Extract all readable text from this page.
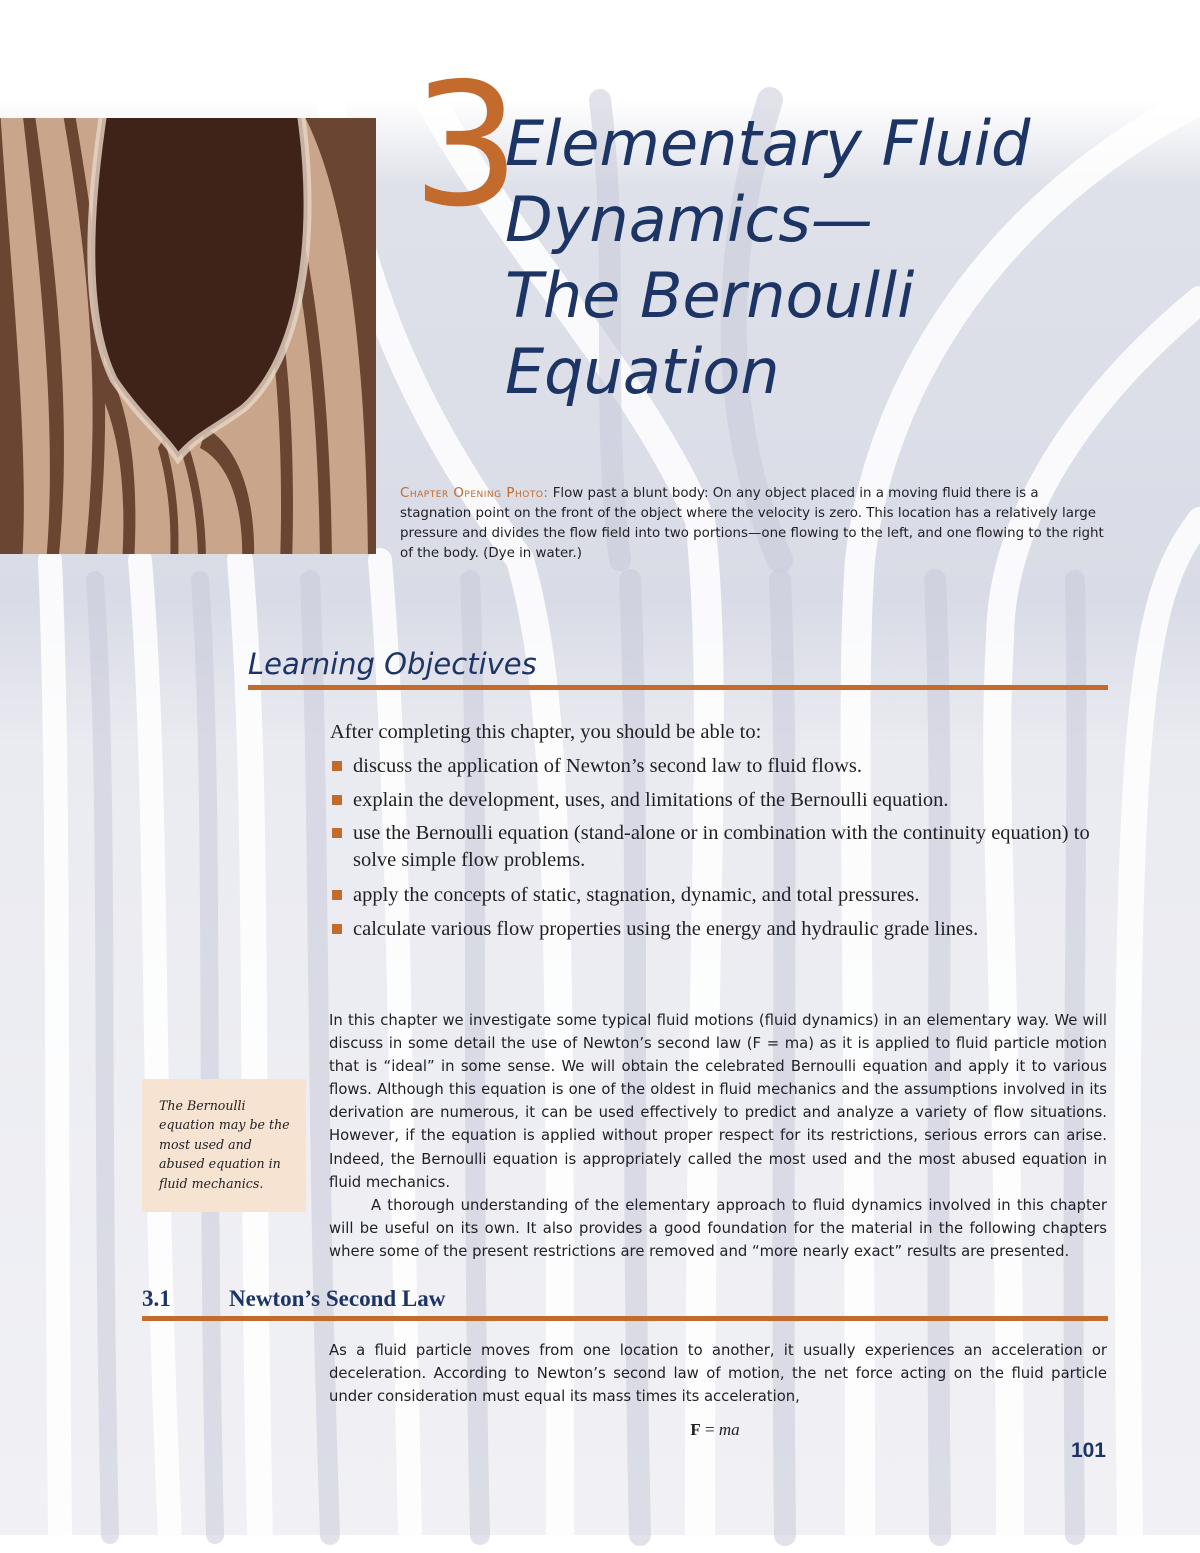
3
Elementary Fluid
Dynamics—
The Bernoulli
Equation
Chapter Opening Photo: Flow past a blunt body: On any object placed in a moving fluid there is a stagnation point on the front of the object where the velocity is zero. This location has a relatively large pressure and divides the flow field into two portions—one flowing to the left, and one flowing to the right of the body. (Dye in water.)
Learning Objectives
After completing this chapter, you should be able to:
discuss the application of Newton’s second law to fluid flows.
explain the development, uses, and limitations of the Bernoulli equation.
use the Bernoulli equation (stand-alone or in combination with the continuity equation) to solve simple flow problems.
apply the concepts of static, stagnation, dynamic, and total pressures.
calculate various flow properties using the energy and hydraulic grade lines.

In this chapter we investigate some typical fluid motions (fluid dynamics) in an elementary way. We will discuss in some detail the use of Newton’s second law (F = ma) as it is applied to fluid particle motion that is “ideal” in some sense. We will obtain the celebrated Bernoulli equation and apply it to various flows. Although this equation is one of the oldest in fluid mechanics and the assumptions involved in its derivation are numerous, it can be used effectively to predict and analyze a variety of flow situations. However, if the equation is applied without proper respect for its restrictions, serious errors can arise. Indeed, the Bernoulli equation is appropriately called the most used and the most abused equation in fluid mechanics.

A thorough understanding of the elementary approach to fluid dynamics involved in this chapter will be useful on its own. It also provides a good foundation for the material in the following chapters where some of the present restrictions are removed and “more nearly exact” results are presented.

The Bernoulli equation may be the most used and abused equation in fluid mechanics.
3.1	Newton’s Second Law
As a fluid particle moves from one location to another, it usually experiences an acceleration or deceleration. According to Newton’s second law of motion, the net force acting on the fluid particle under consideration must equal its mass times its acceleration,
F = ma
101
